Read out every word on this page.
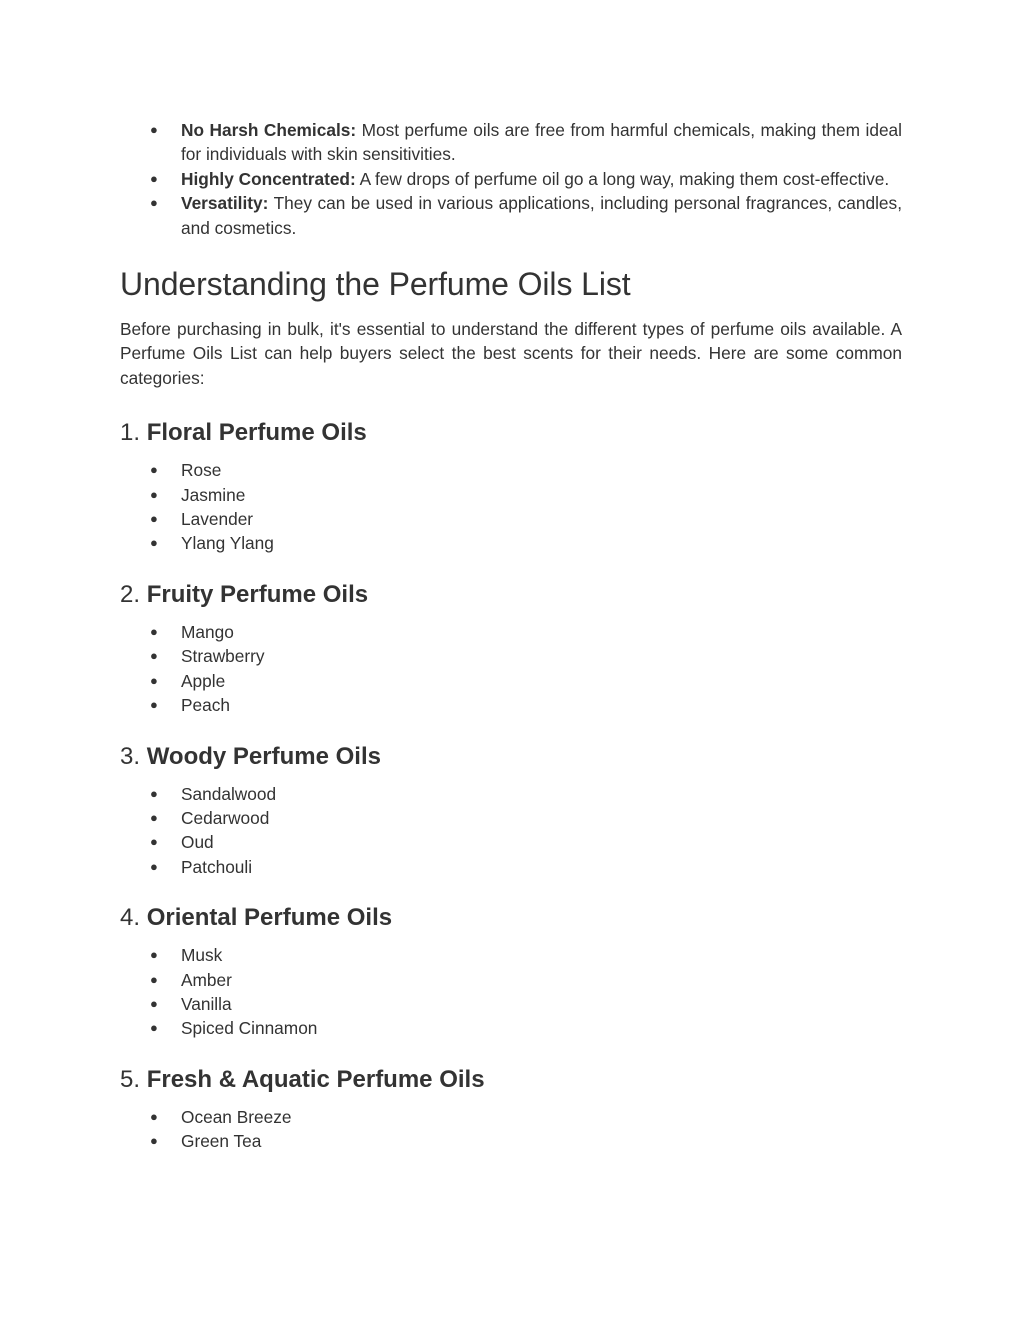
● No Harsh Chemicals: Most perfume oils are free from harmful chemicals, making them ideal for individuals with skin sensitivities.
● Highly Concentrated: A few drops of perfume oil go a long way, making them cost-effective.
● Versatility: They can be used in various applications, including personal fragrances, candles, and cosmetics.
Understanding the Perfume Oils List

Before purchasing in bulk, it's essential to understand the different types of perfume oils available. A Perfume Oils List can help buyers select the best scents for their needs. Here are some common categories:

1. Floral Perfume Oils
● Rose
● Jasmine
● Lavender
● Ylang Ylang
2. Fruity Perfume Oils
● Mango
● Strawberry
● Apple
● Peach
3. Woody Perfume Oils
● Sandalwood
● Cedarwood
● Oud
● Patchouli
4. Oriental Perfume Oils
● Musk
● Amber
● Vanilla
● Spiced Cinnamon
5. Fresh & Aquatic Perfume Oils
● Ocean Breeze
● Green Tea
